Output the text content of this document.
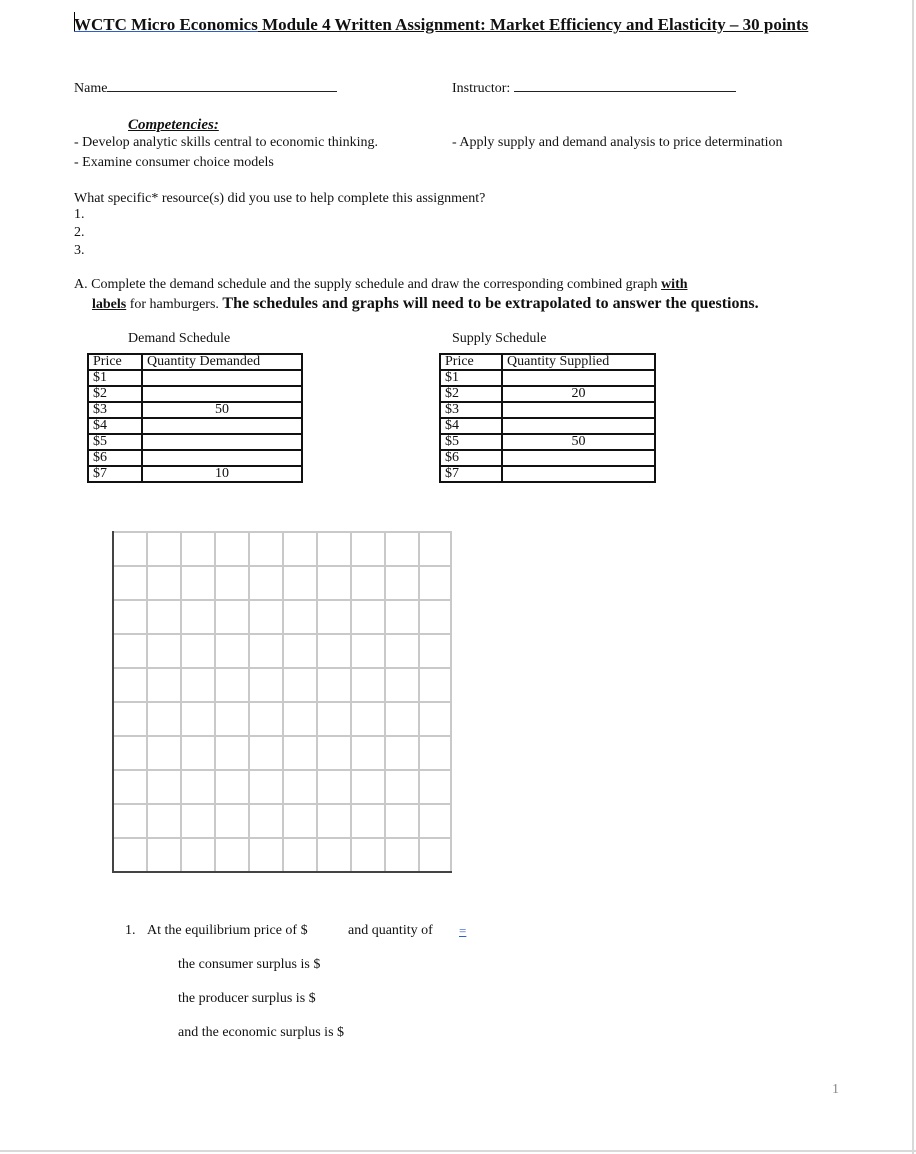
WCTC Micro Economics Module 4 Written Assignment: Market Efficiency and Elasticity – 30 points
Name	Instructor:
Competencies:
- Develop analytic skills central to economic thinking.
- Examine consumer choice models
- Apply supply and demand analysis to price determination
What specific* resource(s) did you use to help complete this assignment?
1.
2.
3.
A. Complete the demand schedule and the supply schedule and draw the corresponding combined graph with
labels for hamburgers. The schedules and graphs will need to be extrapolated to answer the questions.
Demand Schedule
Price	Quantity Demanded
$1	
$2	
$3	50
$4	
$5	
$6	
$7	10
Supply Schedule
Price	Quantity Supplied
$1	
$2	20
$3	
$4	
$5	50
$6	
$7	
1. At the equilibrium price of $	and quantity of =
the consumer surplus is $
the producer surplus is $
and the economic surplus is $
1
